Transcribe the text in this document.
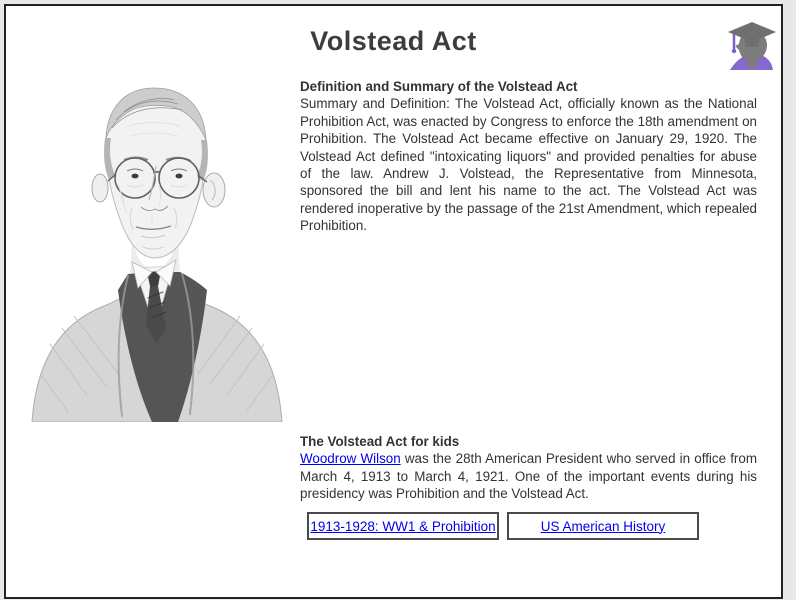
Volstead Act
Definition and Summary of the Volstead Act

Summary and Definition: The Volstead Act, officially known as the National Prohibition Act, was enacted by Congress to enforce the 18th amendment on Prohibition. The Volstead Act became effective on January 29, 1920. The Volstead Act defined "intoxicating liquors" and provided penalties for abuse of the law. Andrew J. Volstead, the Representative from Minnesota, sponsored the bill and lent his name to the act. The Volstead Act was rendered inoperative by the passage of the 21st Amendment, which repealed Prohibition.

The Volstead Act for kids

Woodrow Wilson was the 28th American President who served in office from March 4, 1913 to March 4, 1921. One of the important events during his presidency was Prohibition and the Volstead Act.

1913-1928: WW1 & Prohibition	US American History
